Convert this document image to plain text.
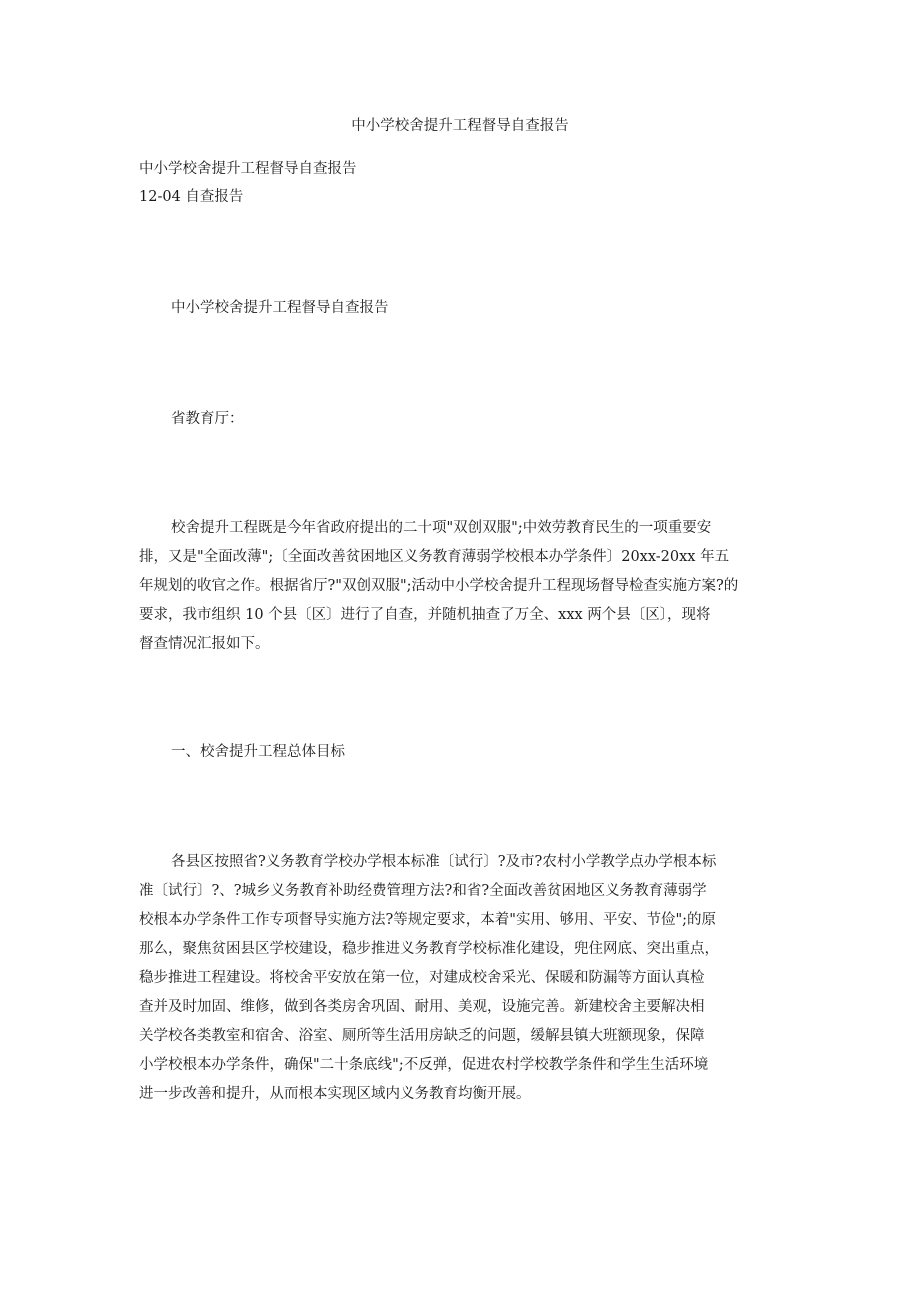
中小学校舍提升工程督导自查报告
中小学校舍提升工程督导自查报告
12-04 自查报告
中小学校舍提升工程督导自查报告
省教育厅：
校舍提升工程既是今年省政府提出的二十项"双创双服";中效劳教育民生的一项重要安
排，又是"全面改薄";〔全面改善贫困地区义务教育薄弱学校根本办学条件〕20xx-20xx 年五
年规划的收官之作。根据省厅?"双创双服";活动中小学校舍提升工程现场督导检查实施方案?的
要求，我市组织 10 个县〔区〕进行了自查，并随机抽查了万全、xxx 两个县〔区〕，现将
督查情况汇报如下。
一、校舍提升工程总体目标
各县区按照省?义务教育学校办学根本标准〔试行〕?及市?农村小学教学点办学根本标
准〔试行〕?、?城乡义务教育补助经费管理方法?和省?全面改善贫困地区义务教育薄弱学
校根本办学条件工作专项督导实施方法?等规定要求，本着"实用、够用、平安、节俭";的原
那么，聚焦贫困县区学校建设，稳步推进义务教育学校标准化建设，兜住网底、突出重点，
稳步推进工程建设。将校舍平安放在第一位，对建成校舍采光、保暖和防漏等方面认真检
查并及时加固、维修，做到各类房舍巩固、耐用、美观，设施完善。新建校舍主要解决相
关学校各类教室和宿舍、浴室、厕所等生活用房缺乏的问题，缓解县镇大班额现象，保障
小学校根本办学条件，确保"二十条底线";不反弹，促进农村学校教学条件和学生生活环境
进一步改善和提升，从而根本实现区域内义务教育均衡开展。
